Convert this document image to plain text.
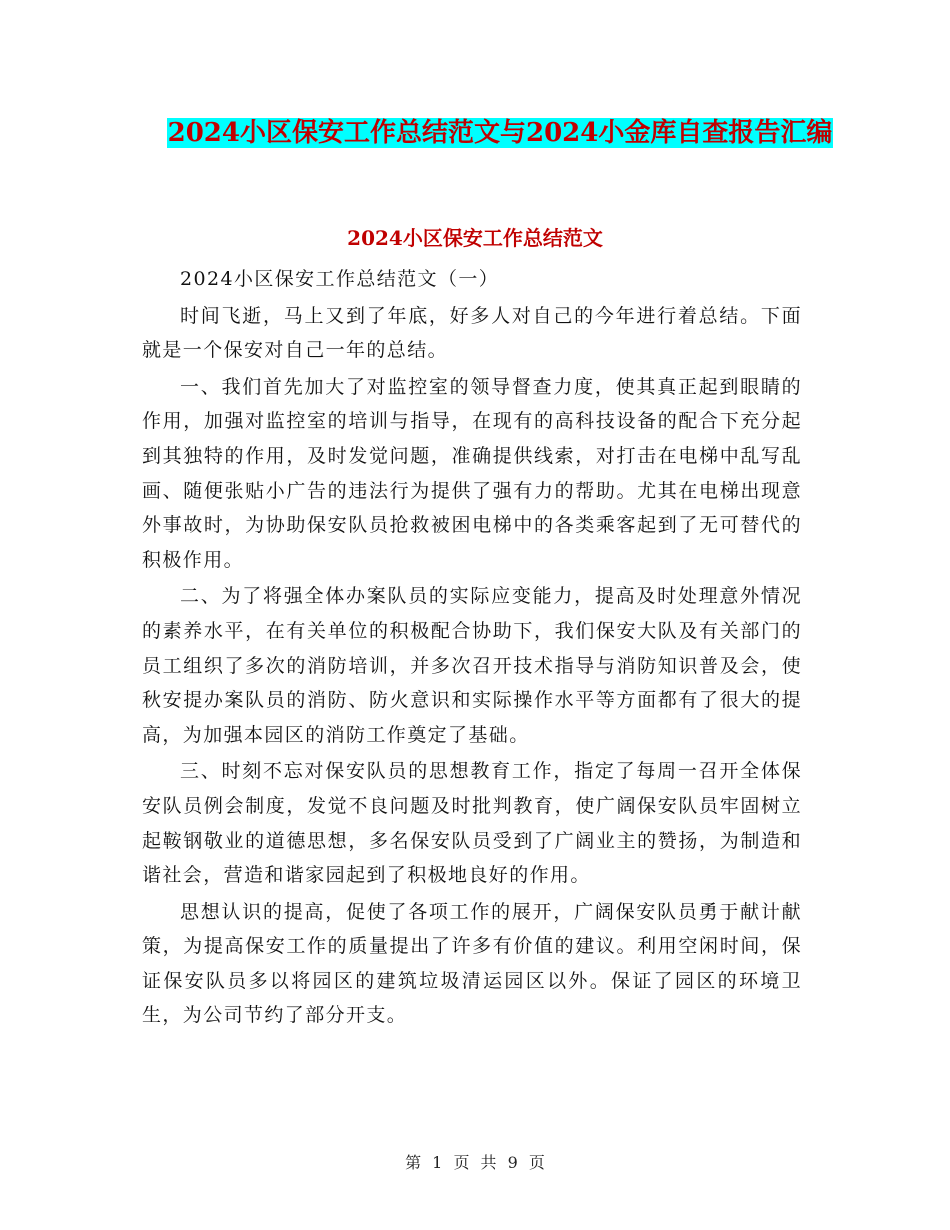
2024小区保安工作总结范文与2024小金库自查报告汇编
2024小区保安工作总结范文

2024小区保安工作总结范文（一）

时间飞逝，马上又到了年底，好多人对自己的今年进行着总结。下面就是一个保安对自己一年的总结。

一、我们首先加大了对监控室的领导督查力度，使其真正起到眼睛的作用，加强对监控室的培训与指导，在现有的高科技设备的配合下充分起到其独特的作用，及时发觉问题，准确提供线索，对打击在电梯中乱写乱画、随便张贴小广告的违法行为提供了强有力的帮助。尤其在电梯出现意外事故时，为协助保安队员抢救被困电梯中的各类乘客起到了无可替代的积极作用。

二、为了将强全体办案队员的实际应变能力，提高及时处理意外情况的素养水平，在有关单位的积极配合协助下，我们保安大队及有关部门的员工组织了多次的消防培训，并多次召开技术指导与消防知识普及会，使秋安提办案队员的消防、防火意识和实际操作水平等方面都有了很大的提高，为加强本园区的消防工作奠定了基础。

三、时刻不忘对保安队员的思想教育工作，指定了每周一召开全体保安队员例会制度，发觉不良问题及时批判教育，使广阔保安队员牢固树立起鞍钢敬业的道德思想，多名保安队员受到了广阔业主的赞扬，为制造和谐社会，营造和谐家园起到了积极地良好的作用。

思想认识的提高，促使了各项工作的展开，广阔保安队员勇于献计献策，为提高保安工作的质量提出了许多有价值的建议。利用空闲时间，保证保安队员多以将园区的建筑垃圾清运园区以外。保证了园区的环境卫生，为公司节约了部分开支。

第 1 页 共 9 页
